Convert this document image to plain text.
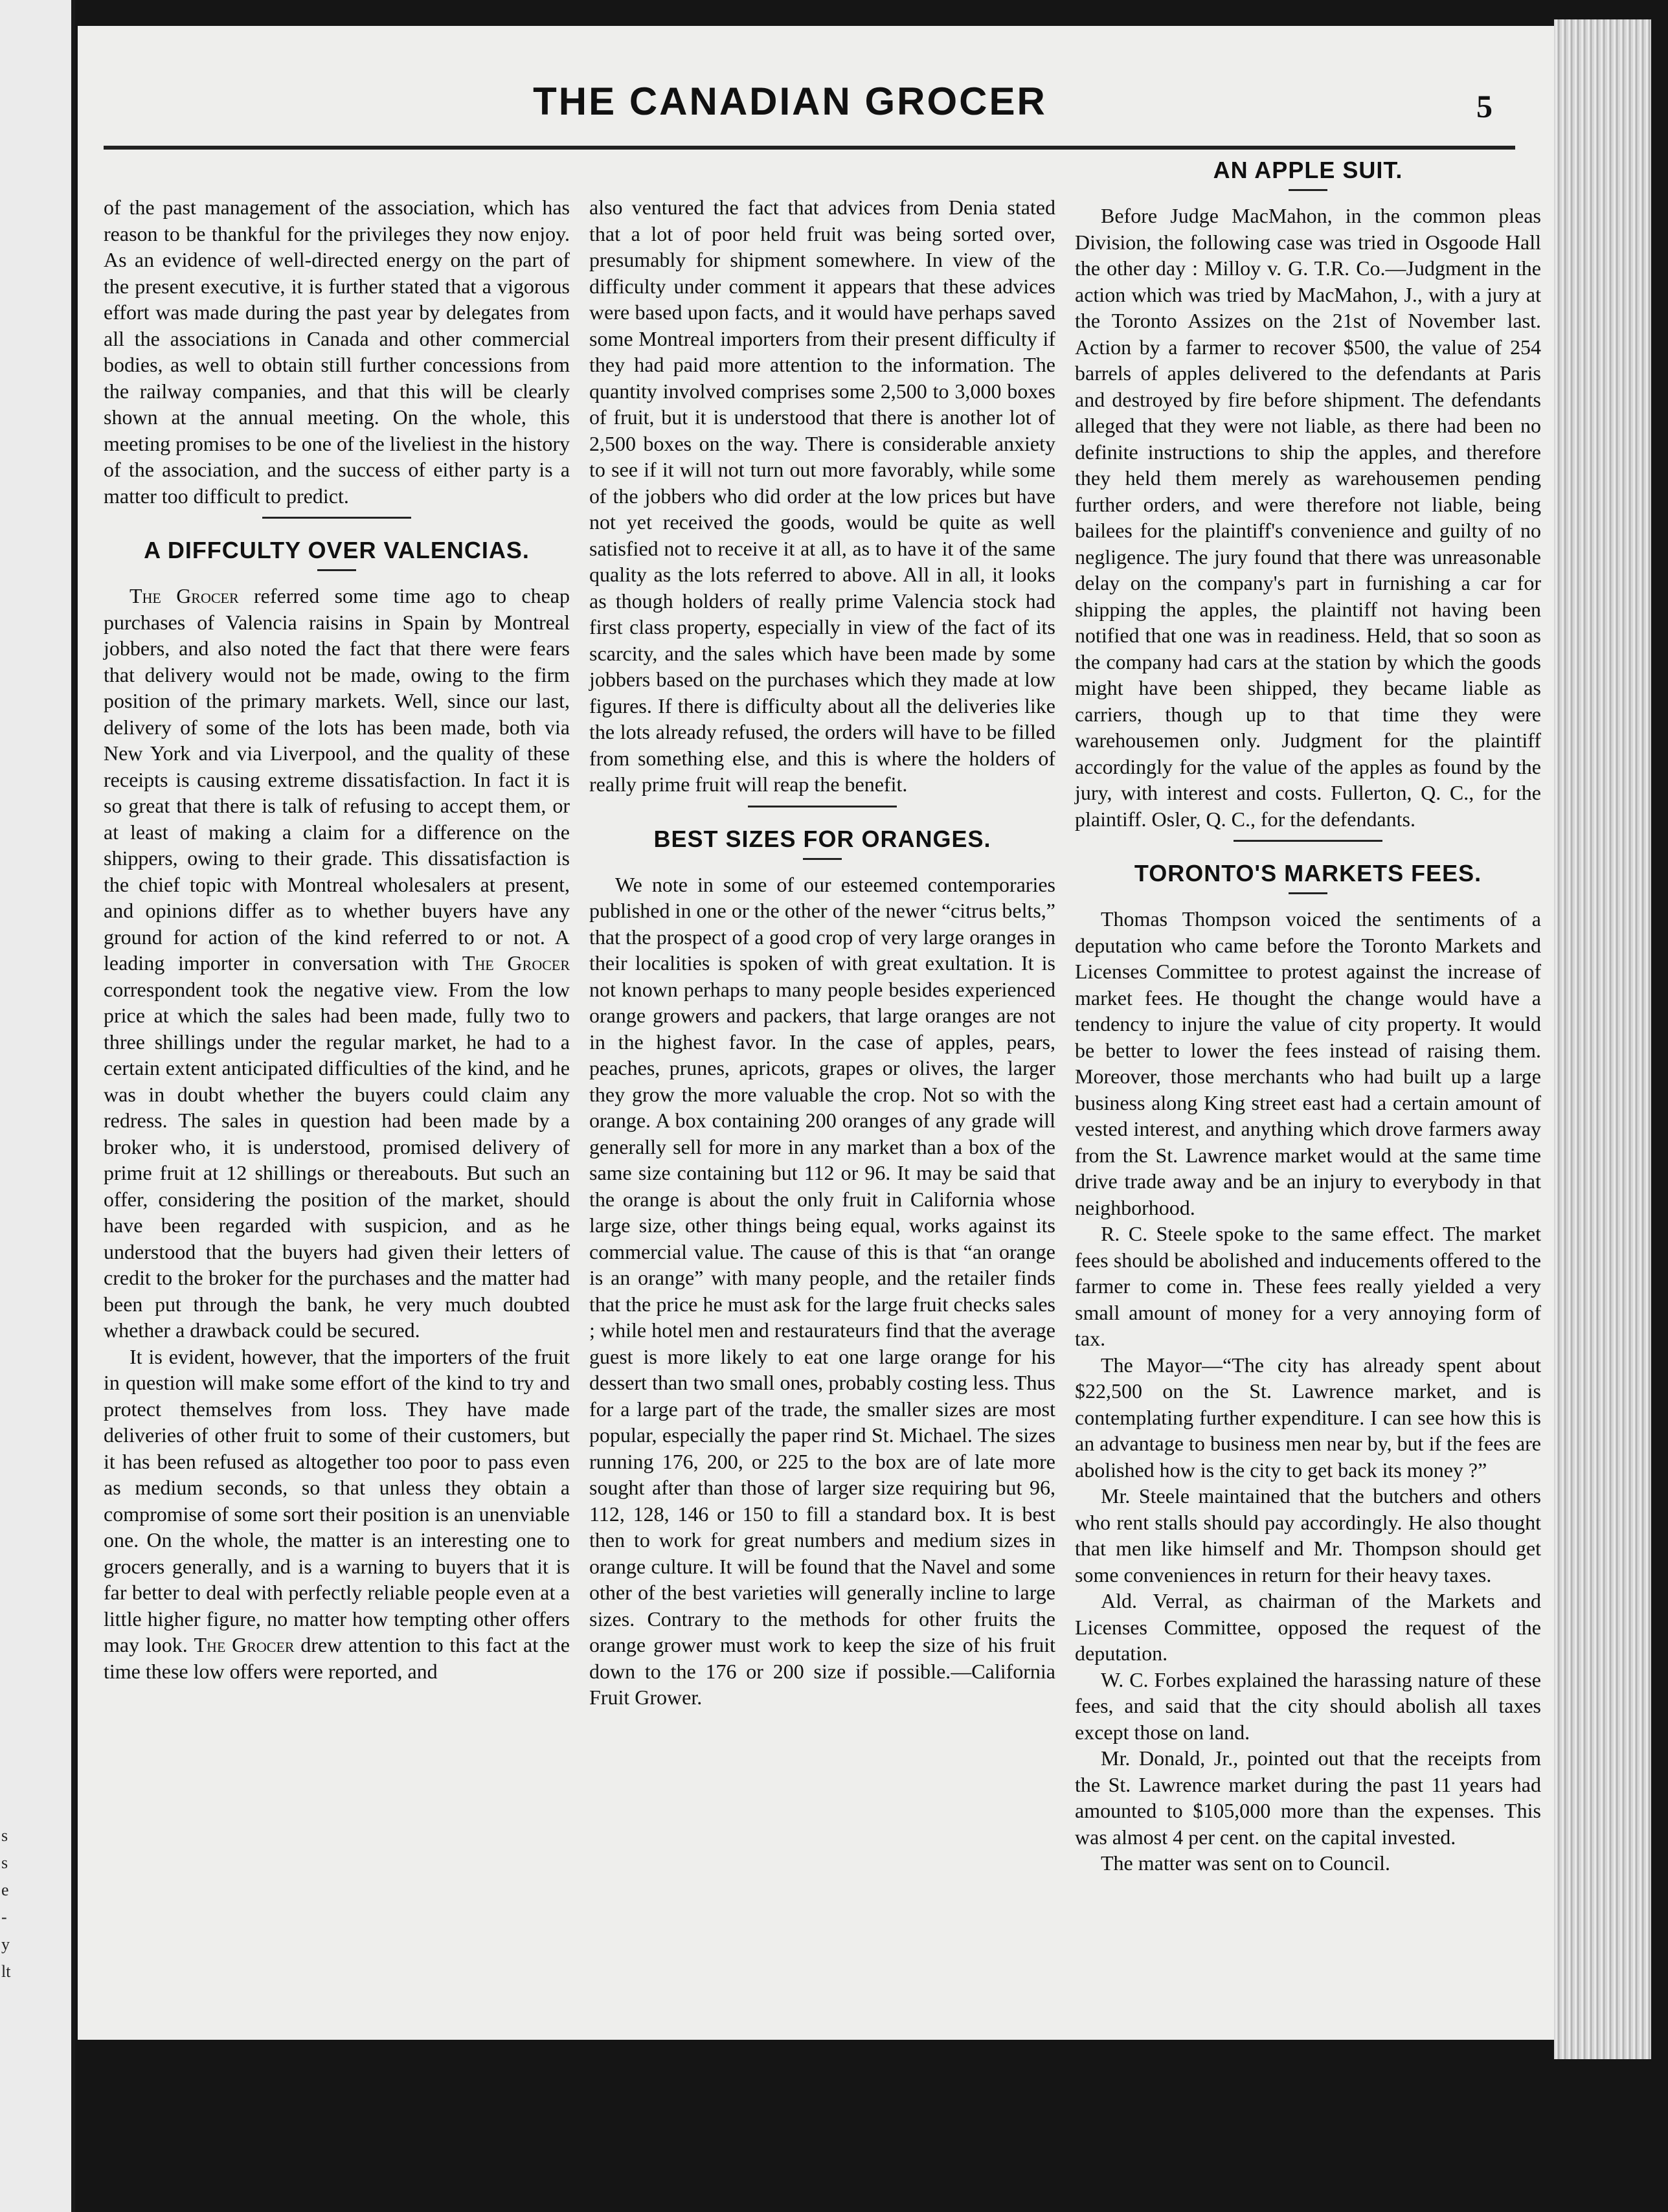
s
s
e
-
y
lt
THE CANADIAN GROCER	5

of the past management of the association, which has reason to be thankful for the privileges they now enjoy. As an evidence of well-directed energy on the part of the present executive, it is further stated that a vigorous effort was made during the past year by delegates from all the associations in Canada and other commercial bodies, as well to obtain still further concessions from the railway companies, and that this will be clearly shown at the annual meeting. On the whole, this meeting promises to be one of the liveliest in the history of the association, and the success of either party is a matter too difficult to predict.

A DIFFCULTY OVER VALENCIAS.

The Grocer referred some time ago to cheap purchases of Valencia raisins in Spain by Montreal jobbers, and also noted the fact that there were fears that delivery would not be made, owing to the firm position of the primary markets. Well, since our last, delivery of some of the lots has been made, both via New York and via Liverpool, and the quality of these receipts is causing extreme dissatisfaction. In fact it is so great that there is talk of refusing to accept them, or at least of making a claim for a difference on the shippers, owing to their grade. This dissatisfaction is the chief topic with Montreal wholesalers at present, and opinions differ as to whether buyers have any ground for action of the kind referred to or not. A leading importer in conversation with The Grocer correspondent took the negative view. From the low price at which the sales had been made, fully two to three shillings under the regular market, he had to a certain extent anticipated difficulties of the kind, and he was in doubt whether the buyers could claim any redress. The sales in question had been made by a broker who, it is understood, promised delivery of prime fruit at 12 shillings or thereabouts. But such an offer, considering the position of the market, should have been regarded with suspicion, and as he understood that the buyers had given their letters of credit to the broker for the purchases and the matter had been put through the bank, he very much doubted whether a drawback could be secured.

It is evident, however, that the importers of the fruit in question will make some effort of the kind to try and protect themselves from loss. They have made deliveries of other fruit to some of their customers, but it has been refused as altogether too poor to pass even as medium seconds, so that unless they obtain a compromise of some sort their position is an unenviable one. On the whole, the matter is an interesting one to grocers generally, and is a warning to buyers that it is far better to deal with perfectly reliable people even at a little higher figure, no matter how tempting other offers may look. The Grocer drew attention to this fact at the time these low offers were reported, and

also ventured the fact that advices from Denia stated that a lot of poor held fruit was being sorted over, presumably for shipment somewhere. In view of the difficulty under comment it appears that these advices were based upon facts, and it would have perhaps saved some Montreal importers from their present difficulty if they had paid more attention to the information. The quantity involved comprises some 2,500 to 3,000 boxes of fruit, but it is understood that there is another lot of 2,500 boxes on the way. There is considerable anxiety to see if it will not turn out more favorably, while some of the jobbers who did order at the low prices but have not yet received the goods, would be quite as well satisfied not to receive it at all, as to have it of the same quality as the lots referred to above. All in all, it looks as though holders of really prime Valencia stock had first class property, especially in view of the fact of its scarcity, and the sales which have been made by some jobbers based on the purchases which they made at low figures. If there is difficulty about all the deliveries like the lots already refused, the orders will have to be filled from something else, and this is where the holders of really prime fruit will reap the benefit.

BEST SIZES FOR ORANGES.

We note in some of our esteemed contemporaries published in one or the other of the newer “citrus belts,” that the prospect of a good crop of very large oranges in their localities is spoken of with great exultation. It is not known perhaps to many people besides experienced orange growers and packers, that large oranges are not in the highest favor. In the case of apples, pears, peaches, prunes, apricots, grapes or olives, the larger they grow the more valuable the crop. Not so with the orange. A box containing 200 oranges of any grade will generally sell for more in any market than a box of the same size containing but 112 or 96. It may be said that the orange is about the only fruit in California whose large size, other things being equal, works against its commercial value. The cause of this is that “an orange is an orange” with many people, and the retailer finds that the price he must ask for the large fruit checks sales ; while hotel men and restaurateurs find that the average guest is more likely to eat one large orange for his dessert than two small ones, probably costing less. Thus for a large part of the trade, the smaller sizes are most popular, especially the paper rind St. Michael. The sizes running 176, 200, or 225 to the box are of late more sought after than those of larger size requiring but 96, 112, 128, 146 or 150 to fill a standard box. It is best then to work for great numbers and medium sizes in orange culture. It will be found that the Navel and some other of the best varieties will generally incline to large sizes. Contrary to the methods for other fruits the orange grower must work to keep the size of his fruit down to the 176 or 200 size if possible.—California Fruit Grower.

AN APPLE SUIT.

Before Judge MacMahon, in the common pleas Division, the following case was tried in Osgoode Hall the other day : Milloy v. G. T.R. Co.—Judgment in the action which was tried by MacMahon, J., with a jury at the Toronto Assizes on the 21st of November last. Action by a farmer to recover $500, the value of 254 barrels of apples delivered to the defendants at Paris and destroyed by fire before shipment. The defendants alleged that they were not liable, as there had been no definite instructions to ship the apples, and therefore they held them merely as warehousemen pending further orders, and were therefore not liable, being bailees for the plaintiff's convenience and guilty of no negligence. The jury found that there was unreasonable delay on the company's part in furnishing a car for shipping the apples, the plaintiff not having been notified that one was in readiness. Held, that so soon as the company had cars at the station by which the goods might have been shipped, they became liable as carriers, though up to that time they were warehousemen only. Judgment for the plaintiff accordingly for the value of the apples as found by the jury, with interest and costs. Fullerton, Q. C., for the plaintiff. Osler, Q. C., for the defendants.

TORONTO'S MARKETS FEES.

Thomas Thompson voiced the sentiments of a deputation who came before the Toronto Markets and Licenses Committee to protest against the increase of market fees. He thought the change would have a tendency to injure the value of city property. It would be better to lower the fees instead of raising them. Moreover, those merchants who had built up a large business along King street east had a certain amount of vested interest, and anything which drove farmers away from the St. Lawrence market would at the same time drive trade away and be an injury to everybody in that neighborhood.

R. C. Steele spoke to the same effect. The market fees should be abolished and inducements offered to the farmer to come in. These fees really yielded a very small amount of money for a very annoying form of tax.

The Mayor—“The city has already spent about $22,500 on the St. Lawrence market, and is contemplating further expenditure. I can see how this is an advantage to business men near by, but if the fees are abolished how is the city to get back its money ?”

Mr. Steele maintained that the butchers and others who rent stalls should pay accordingly. He also thought that men like himself and Mr. Thompson should get some conveniences in return for their heavy taxes.

Ald. Verral, as chairman of the Markets and Licenses Committee, opposed the request of the deputation.

W. C. Forbes explained the harassing nature of these fees, and said that the city should abolish all taxes except those on land.

Mr. Donald, Jr., pointed out that the receipts from the St. Lawrence market during the past 11 years had amounted to $105,000 more than the expenses. This was almost 4 per cent. on the capital invested.

The matter was sent on to Council.
